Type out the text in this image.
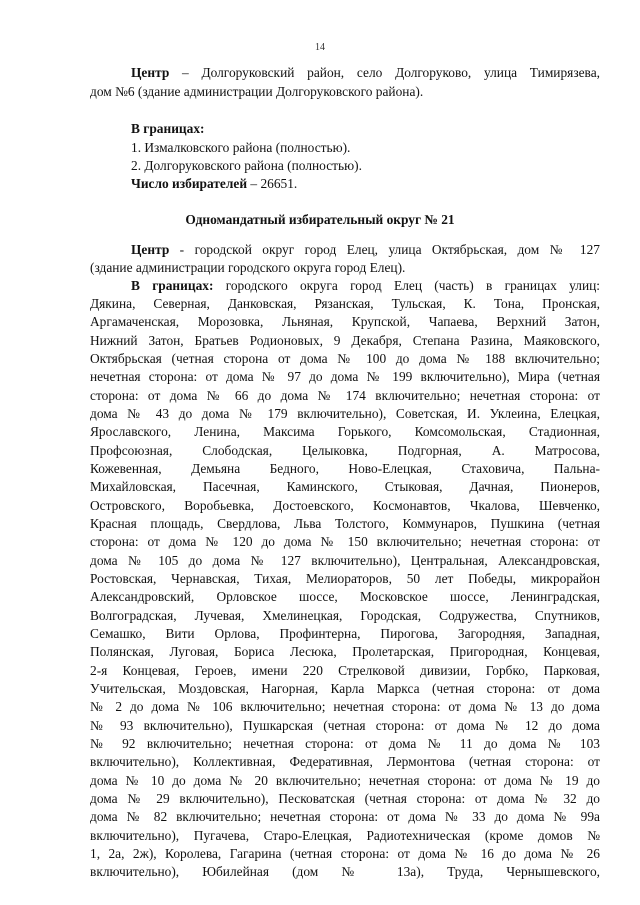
14
Центр – Долгоруковский район, село Долгоруково, улица Тимирязева,
дом №6 (здание администрации Долгоруковского района).
В границах:
1. Измалковского района (полностью).
2. Долгоруковского района (полностью).
Число избирателей – 26651.
Одномандатный избирательный округ № 21
Центр - городской округ город Елец, улица Октябрьская, дом № 127
(здание администрации городского округа город Елец).
В границах: городского округа город Елец (часть) в границах улиц:
Дякина, Северная, Данковская, Рязанская, Тульская, К. Тона, Пронская,
Аргамаченская, Морозовка, Льняная, Крупской, Чапаева, Верхний Затон,
Нижний Затон, Братьев Родионовых, 9 Декабря, Степана Разина, Маяковского,
Октябрьская (четная сторона от дома № 100 до дома № 188 включительно;
нечетная сторона: от дома № 97 до дома № 199 включительно), Мира (четная
сторона: от дома № 66 до дома № 174 включительно; нечетная сторона: от
дома № 43 до дома № 179 включительно), Советская, И. Уклеина, Елецкая,
Ярославского, Ленина, Максима Горького, Комсомольская, Стадионная,
Профсоюзная, Слободская, Целыковка, Подгорная, А. Матросова,
Кожевенная, Демьяна Бедного, Ново-Елецкая, Стаховича, Пальна-
Михайловская, Пасечная, Каминского, Стыковая, Дачная, Пионеров,
Островского, Воробьевка, Достоевского, Космонавтов, Чкалова, Шевченко,
Красная площадь, Свердлова, Льва Толстого, Коммунаров, Пушкина (четная
сторона: от дома № 120 до дома № 150 включительно; нечетная сторона: от
дома № 105 до дома № 127 включительно), Центральная, Александровская,
Ростовская, Чернавская, Тихая, Мелиораторов, 50 лет Победы, микрорайон
Александровский, Орловское шоссе, Московское шоссе, Ленинградская,
Волгоградская, Лучевая, Хмелинецкая, Городская, Содружества, Спутников,
Семашко, Вити Орлова, Профинтерна, Пирогова, Загородняя, Западная,
Полянская, Луговая, Бориса Лесюка, Пролетарская, Пригородная, Концевая,
2-я Концевая, Героев, имени 220 Стрелковой дивизии, Горбко, Парковая,
Учительская, Моздовская, Нагорная, Карла Маркса (четная сторона: от дома
№ 2 до дома № 106 включительно; нечетная сторона: от дома № 13 до дома
№ 93 включительно), Пушкарская (четная сторона: от дома № 12 до дома
№ 92 включительно; нечетная сторона: от дома № 11 до дома № 103
включительно), Коллективная, Федеративная, Лермонтова (четная сторона: от
дома № 10 до дома № 20 включительно; нечетная сторона: от дома № 19 до
дома № 29 включительно), Песковатская (четная сторона: от дома № 32 до
дома № 82 включительно; нечетная сторона: от дома № 33 до дома № 99а
включительно), Пугачева, Старо-Елецкая, Радиотехническая (кроме домов №
1, 2а, 2ж), Королева, Гагарина (четная сторона: от дома № 16 до дома № 26
включительно), Юбилейная (дом № 13а), Труда, Чернышевского,
